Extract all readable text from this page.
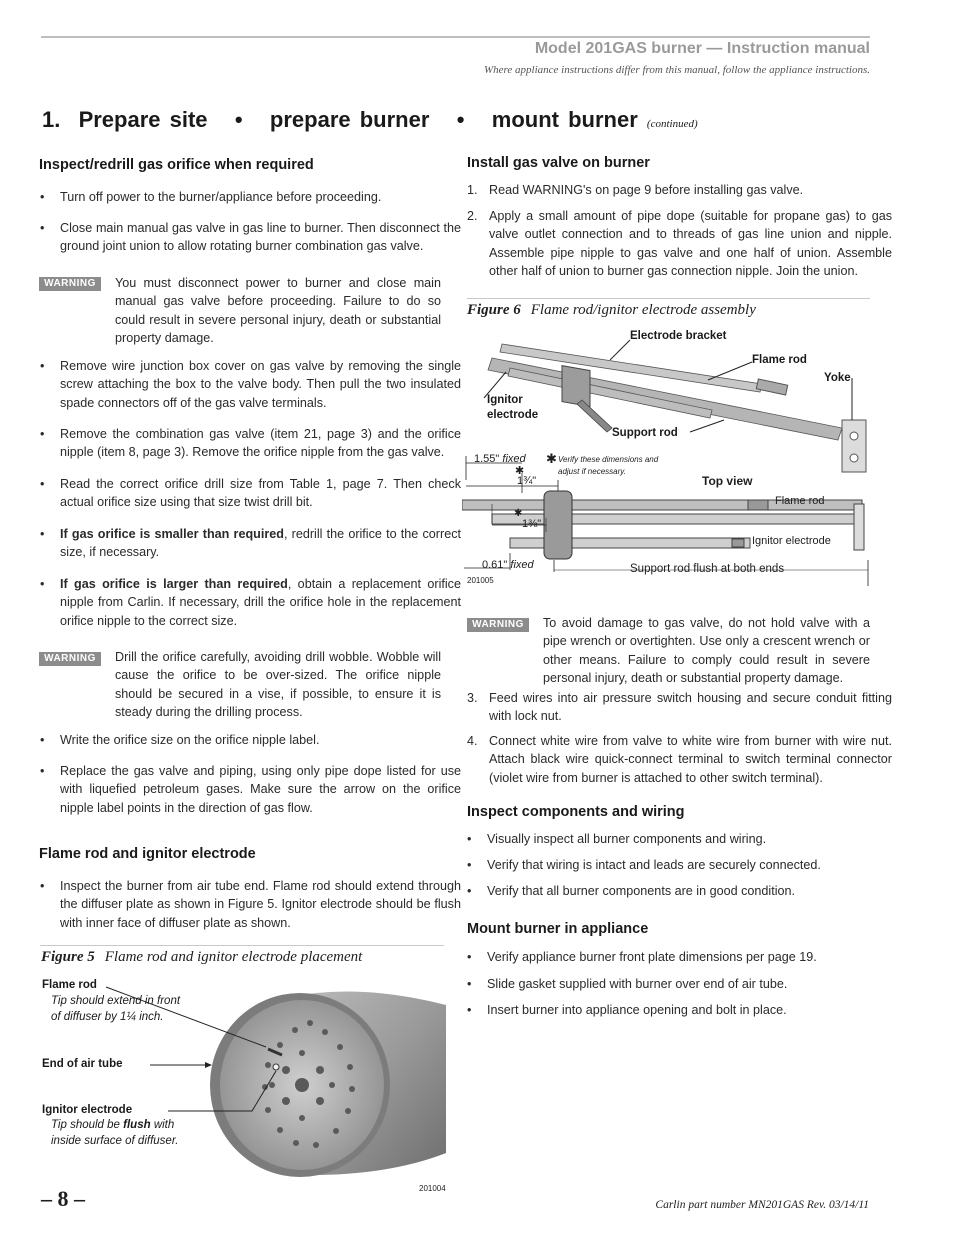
Model 201GAS burner — Instruction manual
Where appliance instructions differ from this manual, follow the appliance instructions.
1.  Prepare site   •   prepare burner   •   mount burner (continued)
Inspect/redrill gas orifice when required
• Turn off power to the burner/appliance before proceeding.
• Close main manual gas valve in gas line to burner. Then disconnect the ground joint union to allow rotating burner combination gas valve.
WARNING	You must disconnect power to burner and close main manual gas valve before proceeding. Failure to do so could result in severe personal injury, death or substantial property damage.
• Remove wire junction box cover on gas valve by removing the single screw attaching the box to the valve body. Then pull the two insulated spade connectors off of the gas valve terminals.
• Remove the combination gas valve (item 21, page 3) and the orifice nipple (item 8, page 3). Remove the orifice nipple from the gas valve.
• Read the correct orifice drill size from Table 1, page 7. Then check actual orifice size using that size twist drill bit.
• If gas orifice is smaller than required, redrill the orifice to the correct size, if necessary.
• If gas orifice is larger than required, obtain a replacement orifice nipple from Carlin. If necessary, drill the orifice hole in the replacement orifice nipple to the correct size.
WARNING	Drill the orifice carefully, avoiding drill wobble. Wobble will cause the orifice to be over-sized. The orifice nipple should be secured in a vise, if possible, to ensure it is steady during the drilling process.
• Write the orifice size on the orifice nipple label.
• Replace the gas valve and piping, using only pipe dope listed for use with liquefied petroleum gases. Make sure the arrow on the orifice nipple label points in the direction of gas flow.
Flame rod and ignitor electrode
• Inspect the burner from air tube end. Flame rod should extend through the diffuser plate as shown in Figure 5. Ignitor electrode should be flush with inner face of diffuser plate as shown.
Figure 5 Flame rod and ignitor electrode placement
Flame rod
Tip should extend in front
of diffuser by 1¼ inch.
End of air tube
Ignitor electrode
Tip should be flush with
inside surface of diffuser.
201004
Install gas valve on burner
1. Read WARNING's on page 9 before installing gas valve.
2. Apply a small amount of pipe dope (suitable for propane gas) to gas valve outlet connection and to threads of gas line union and nipple. Assemble pipe nipple to gas valve and one half of union. Assemble other half of union to burner gas connection nipple. Join the union.
Figure 6 Flame rod/ignitor electrode assembly
Electrode bracket
Flame rod
Yoke
Ignitor
electrode
Support rod
1.55" fixed ✱ Verify these dimensions and
adjust if necessary.
✱
1¾"	Top view
Flame rod
✱
1⅜"
Ignitor electrode
0.61" fixed	Support rod flush at both ends
201005
WARNING	To avoid damage to gas valve, do not hold valve with a pipe wrench or overtighten. Use only a crescent wrench or other means. Failure to comply could result in severe personal injury, death or substantial property damage.
3. Feed wires into air pressure switch housing and secure conduit fitting with lock nut.
4. Connect white wire from valve to white wire from burner with wire nut. Attach black wire quick-connect terminal to switch terminal connector (violet wire from burner is attached to other switch terminal).
Inspect components and wiring
• Visually inspect all burner components and wiring.
• Verify that wiring is intact and leads are securely connected.
• Verify that all burner components are in good condition.
Mount burner in appliance
• Verify appliance burner front plate dimensions per page 19.
• Slide gasket supplied with burner over end of air tube.
• Insert burner into appliance opening and bolt in place.
– 8 –	Carlin part number MN201GAS Rev. 03/14/11
